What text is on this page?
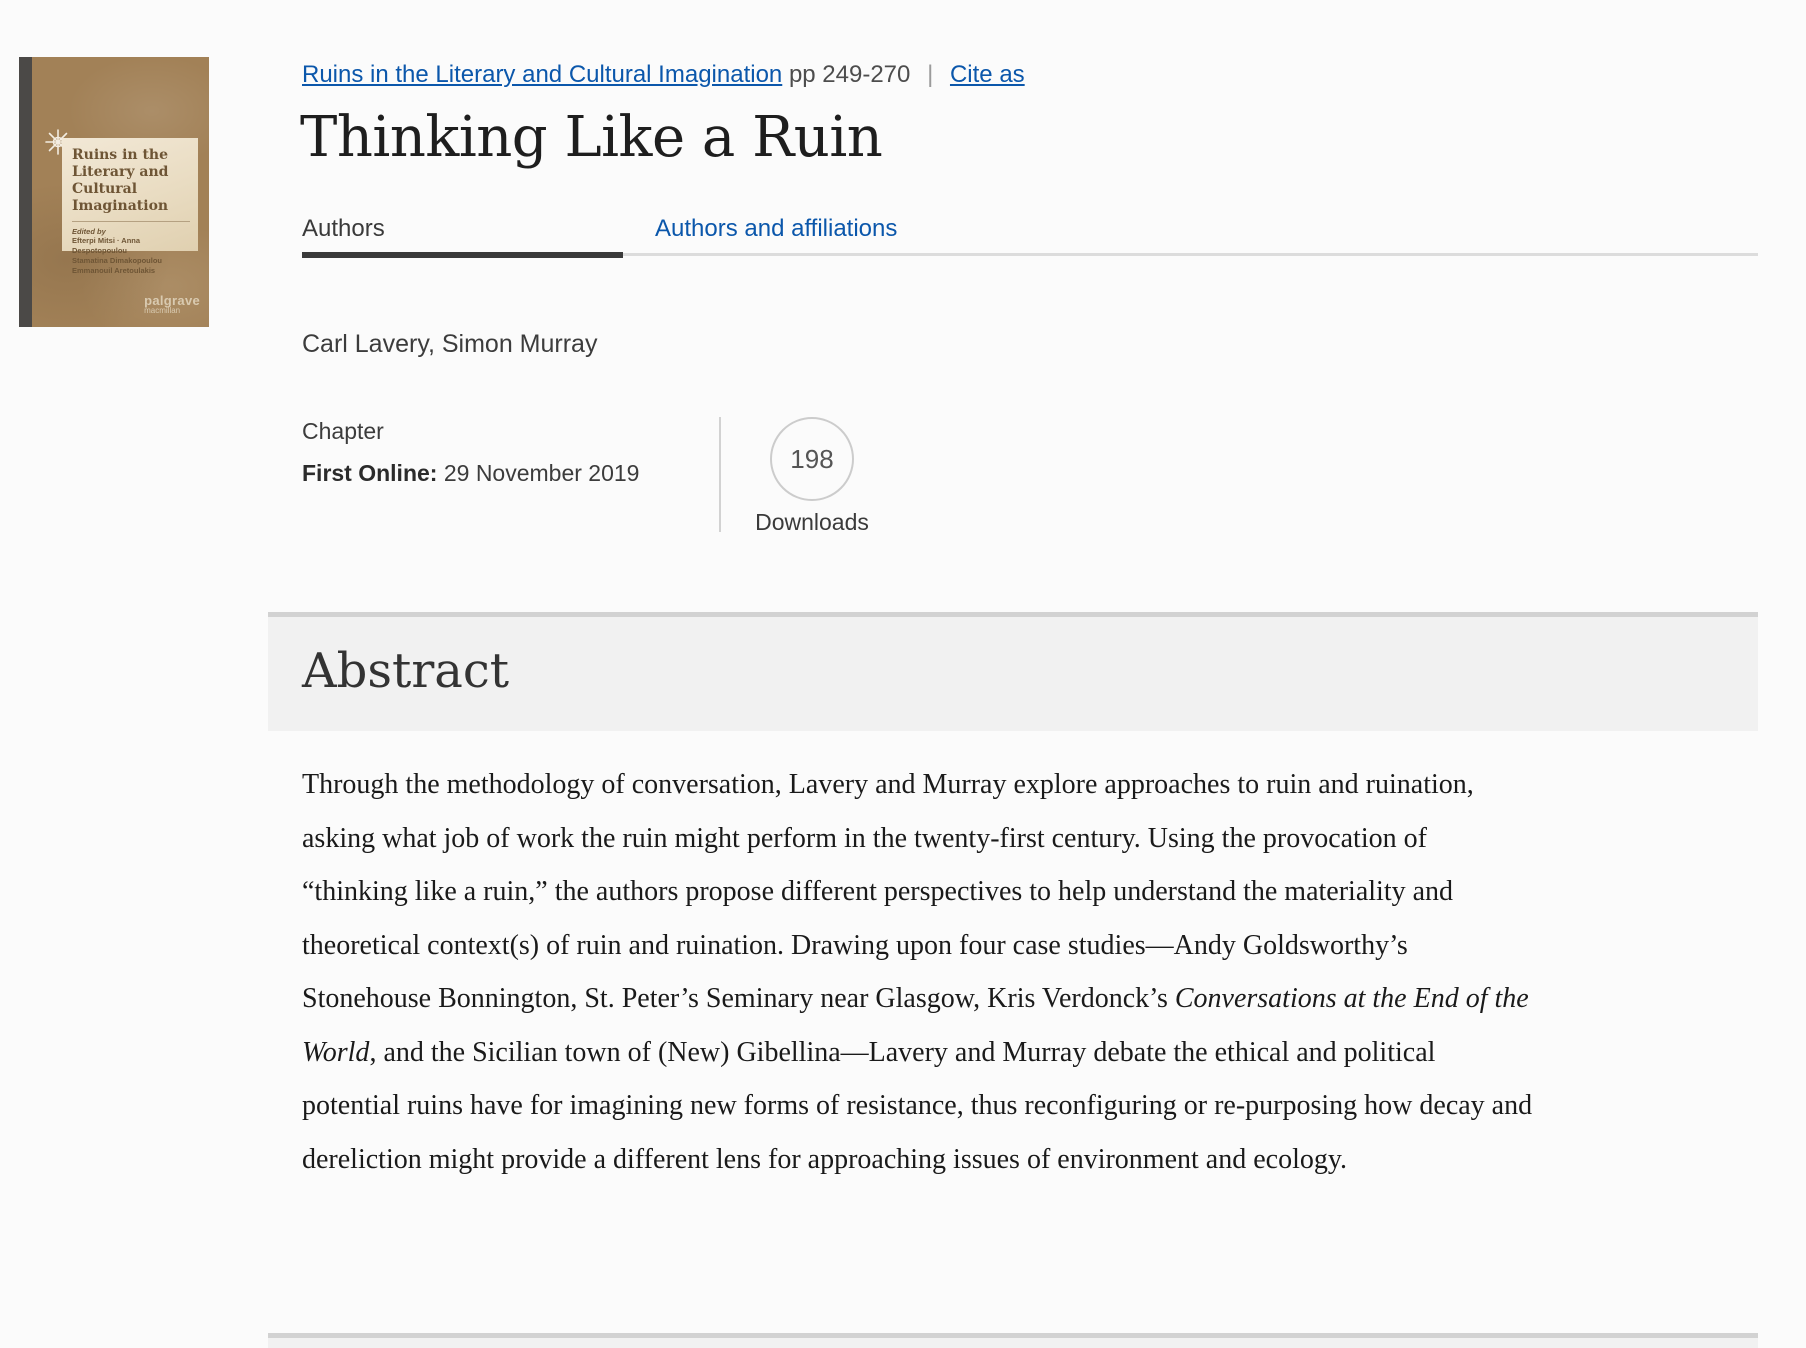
Ruins in the
Literary and
Cultural Imagination
Edited by
Efterpi Mitsi · Anna Despotopoulou
Stamatina Dimakopoulou
Emmanouil Aretoulakis
palgrave
macmillan
Ruins in the Literary and Cultural Imagination pp 249-270 | Cite as
Thinking Like a Ruin
Authors	Authors and affiliations
Carl Lavery, Simon Murray
Chapter
First Online: 29 November 2019	198
Downloads
Abstract

Through the methodology of conversation, Lavery and Murray explore approaches to ruin and ruination, asking what job of work the ruin might perform in the twenty-first century. Using the provocation of “thinking like a ruin,” the authors propose different perspectives to help understand the materiality and theoretical context(s) of ruin and ruination. Drawing upon four case studies—Andy Goldsworthy’s Stonehouse Bonnington, St. Peter’s Seminary near Glasgow, Kris Verdonck’s Conversations at the End of the World, and the Sicilian town of (New) Gibellina—Lavery and Murray debate the ethical and political potential ruins have for imagining new forms of resistance, thus reconfiguring or re-purposing how decay and dereliction might provide a different lens for approaching issues of environment and ecology.
